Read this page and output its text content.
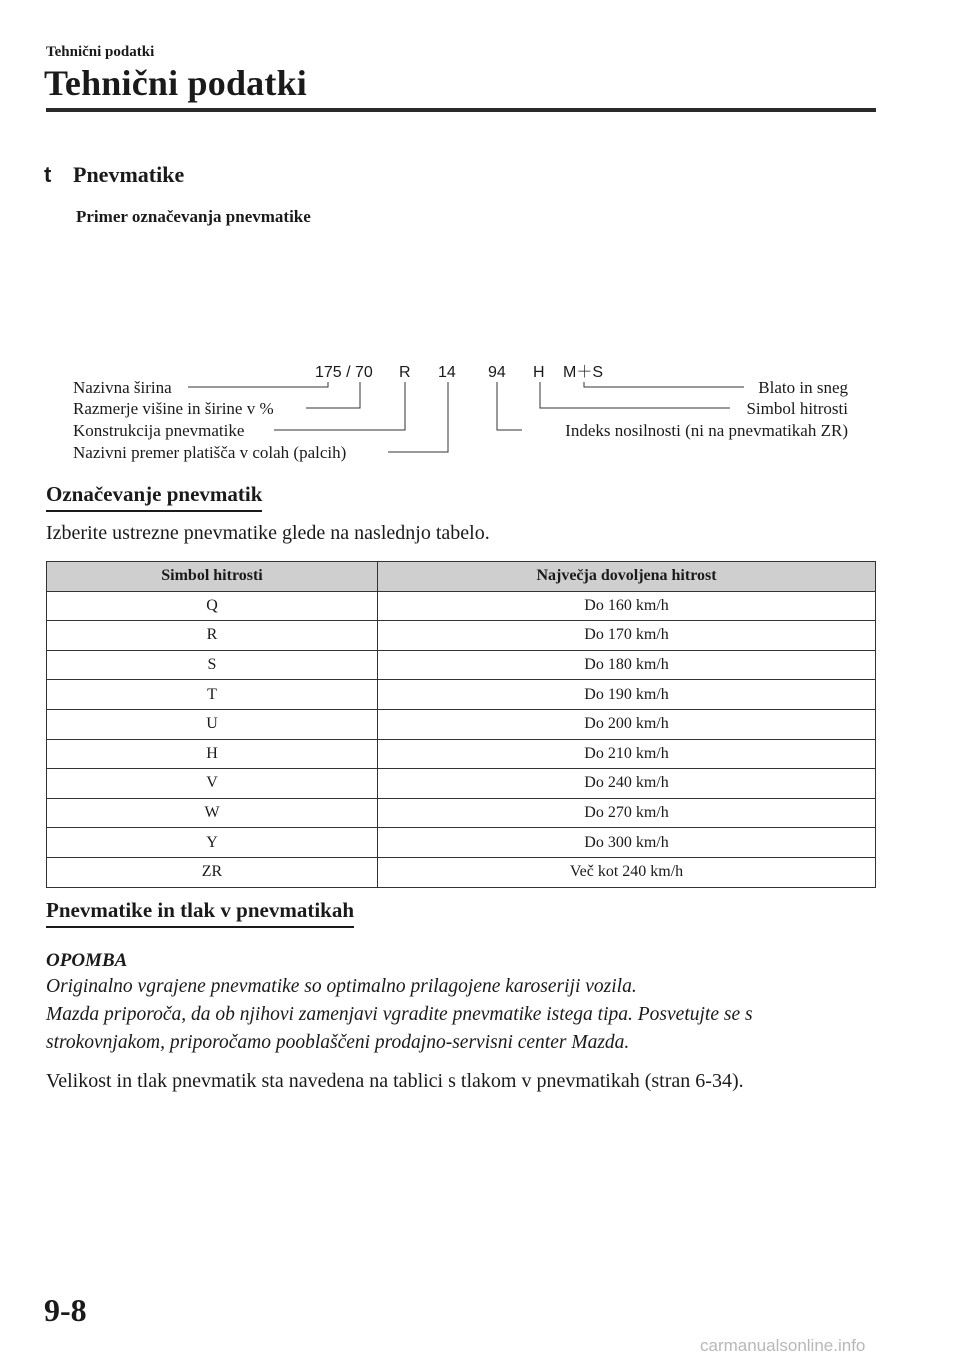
Tehnični podatki
Tehnični podatki
t Pnevmatike
Primer označevanja pnevmatike
175 / 70 R 14 94 H M＋S
Nazivna širina
Razmerje višine in širine v %
Konstrukcija pnevmatike
Nazivni premer platišča v colah (palcih)
Blato in sneg
Simbol hitrosti
Indeks nosilnosti (ni na pnevmatikah ZR)
Označevanje pnevmatik
Izberite ustrezne pnevmatike glede na naslednjo tabelo.
Simbol hitrosti	Največja dovoljena hitrost
Q	Do 160 km/h
R	Do 170 km/h
S	Do 180 km/h
T	Do 190 km/h
U	Do 200 km/h
H	Do 210 km/h
V	Do 240 km/h
W	Do 270 km/h
Y	Do 300 km/h
ZR	Več kot 240 km/h
Pnevmatike in tlak v pnevmatikah
OPOMBA
Originalno vgrajene pnevmatike so optimalno prilagojene karoseriji vozila.
Mazda priporoča, da ob njihovi zamenjavi vgradite pnevmatike istega tipa. Posvetujte se s
strokovnjakom, priporočamo pooblaščeni prodajno-servisni center Mazda.
Velikost in tlak pnevmatik sta navedena na tablici s tlakom v pnevmatikah (stran 6-34).
9-8
carmanualsonline.info
